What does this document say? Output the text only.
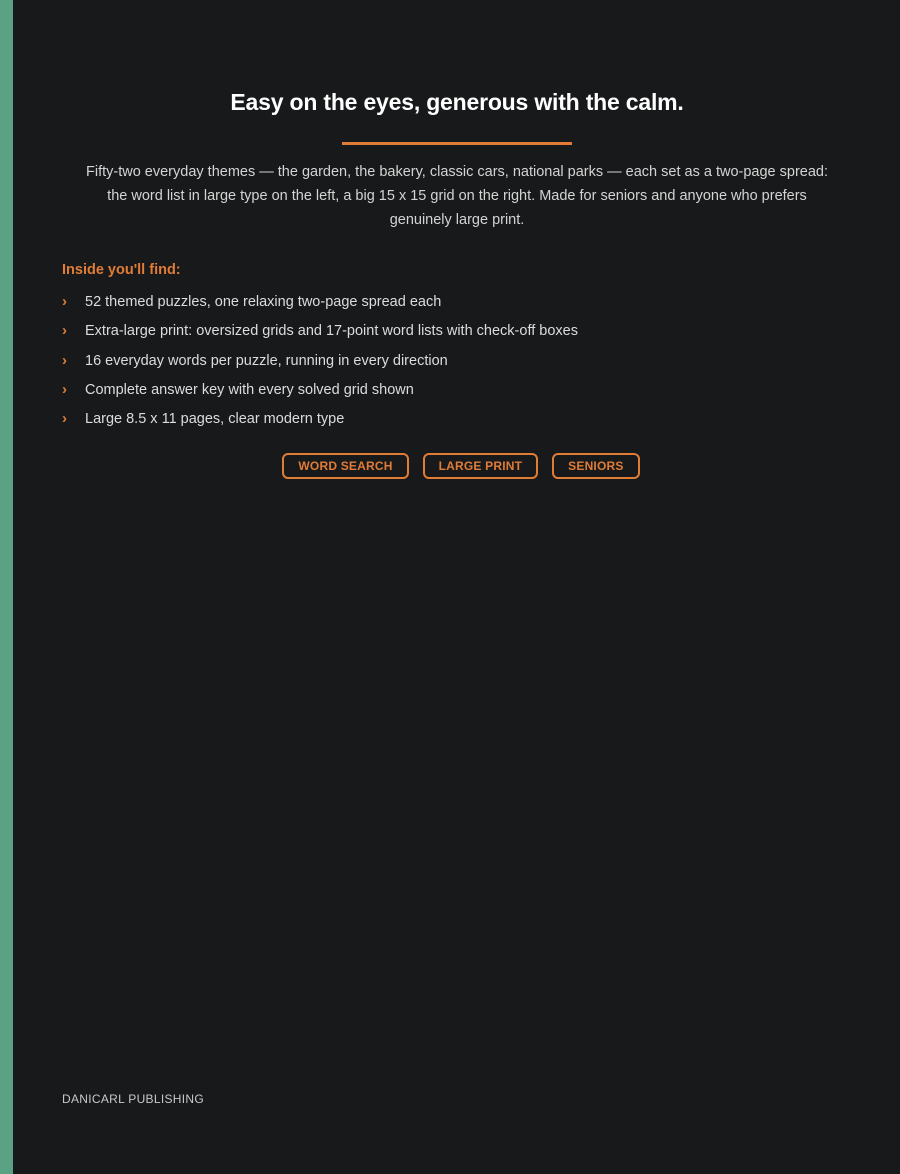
Easy on the eyes, generous with the calm.

Fifty-two everyday themes — the garden, the bakery, classic cars, national parks — each set as a two-page spread:
the word list in large type on the left, a big 15 x 15 grid on the right. Made for seniors and anyone who prefers
genuinely large print.

Inside you'll find:
›	52 themed puzzles, one relaxing two-page spread each
›	Extra-large print: oversized grids and 17-point word lists with check-off boxes
›	16 everyday words per puzzle, running in every direction
›	Complete answer key with every solved grid shown
›	Large 8.5 x 11 pages, clear modern type
WORD SEARCH	LARGE PRINT	SENIORS
DANICARL PUBLISHING
